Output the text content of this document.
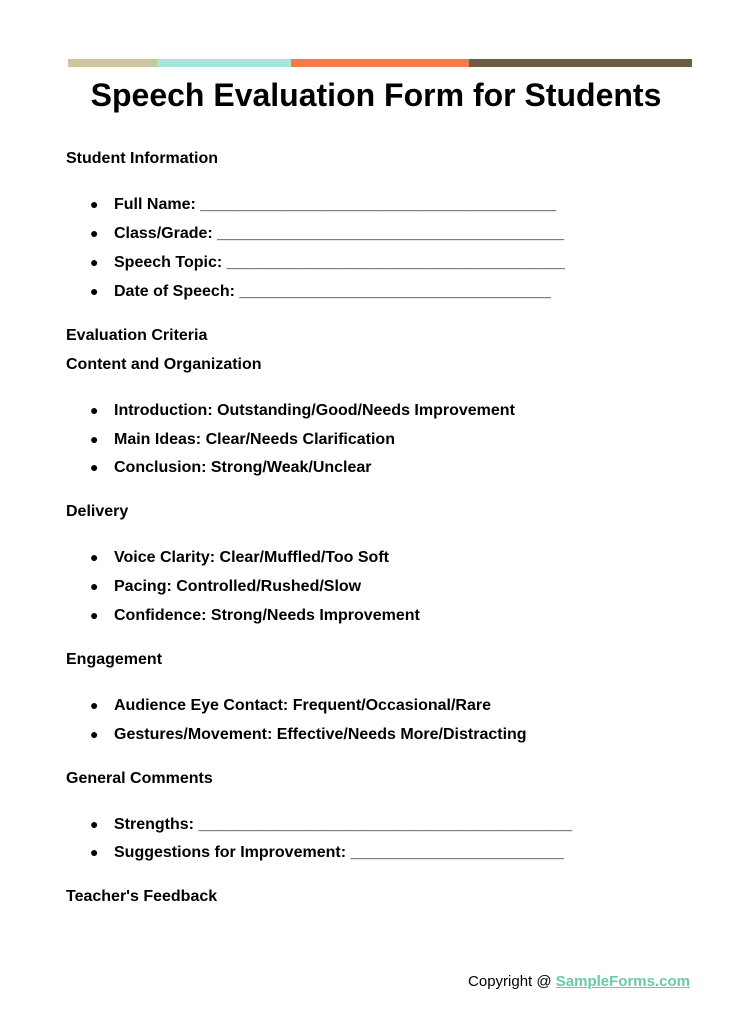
Speech Evaluation Form for Students
Student Information
● Full Name: ________________________________________
● Class/Grade: _______________________________________
● Speech Topic: ______________________________________
● Date of Speech: ___________________________________
Evaluation Criteria
Content and Organization
● Introduction: Outstanding/Good/Needs Improvement
● Main Ideas: Clear/Needs Clarification
● Conclusion: Strong/Weak/Unclear
Delivery
● Voice Clarity: Clear/Muffled/Too Soft
● Pacing: Controlled/Rushed/Slow
● Confidence: Strong/Needs Improvement
Engagement
● Audience Eye Contact: Frequent/Occasional/Rare
● Gestures/Movement: Effective/Needs More/Distracting
General Comments
● Strengths: __________________________________________
● Suggestions for Improvement: ________________________
Teacher's Feedback
Copyright @ SampleForms.com
